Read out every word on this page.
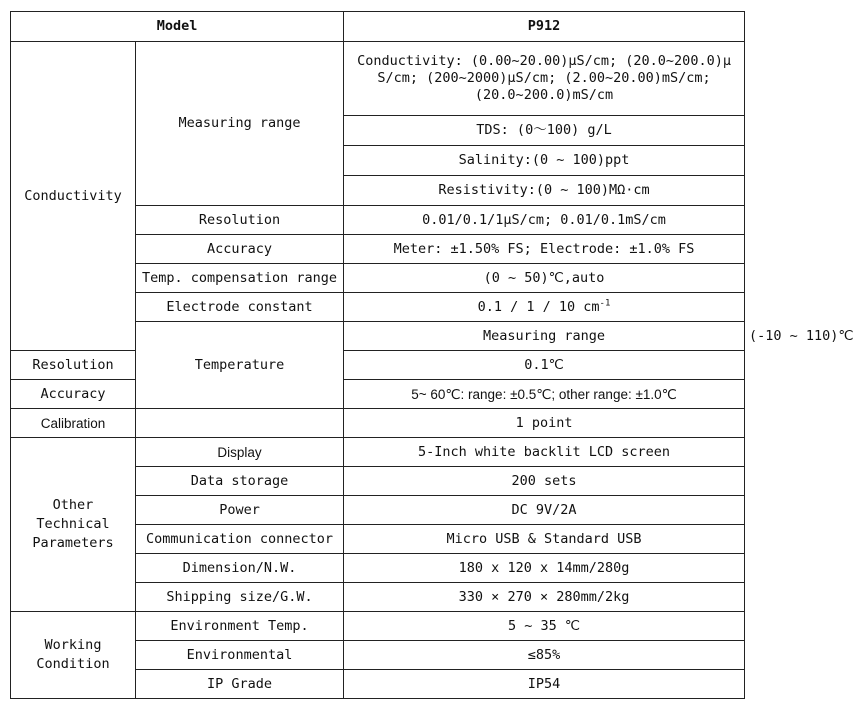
Model		P912	
Conductivity	Measuring range	Conductivity: (0.00~20.00)μS/cm; (20.0~200.0)μ S/cm; (200~2000)μS/cm; (2.00~20.00)mS/cm; (20.0~200.0)mS/cm	
		TDS: (0～100) g/L	
		Salinity:(0 ~ 100)ppt	
		Resistivity:(0 ~ 100)MΩ·cm	
	Resolution	0.01/0.1/1μS/cm; 0.01/0.1mS/cm	
	Accuracy	Meter: ±1.50% FS; Electrode: ±1.0% FS	
	Temp. compensation range	(0 ~ 50)℃,auto	
	Electrode constant	0.1 / 1 / 10 $cm^{-1}$
	Temperature	Measuring range	(-10 ~ 110)℃
Resolution		0.1℃	
Accuracy		5~ 60℃: range: ±0.5℃; other range: ±1.0℃	
Calibration		1 point	
Other Technical Parameters	Display	5-Inch white backlit LCD screen	
	Data storage	200 sets	
	Power	DC 9V/2A	
	Communication connector	Micro USB & Standard USB	
	Dimension/N.W.	180 x 120 x 14mm/280g	
	Shipping size/G.W.	330 × 270 × 280mm/2kg	
Working Condition	Environment Temp.	5 ~ 35 ℃	
	Environmental	≤85%	
	IP Grade	IP54	
